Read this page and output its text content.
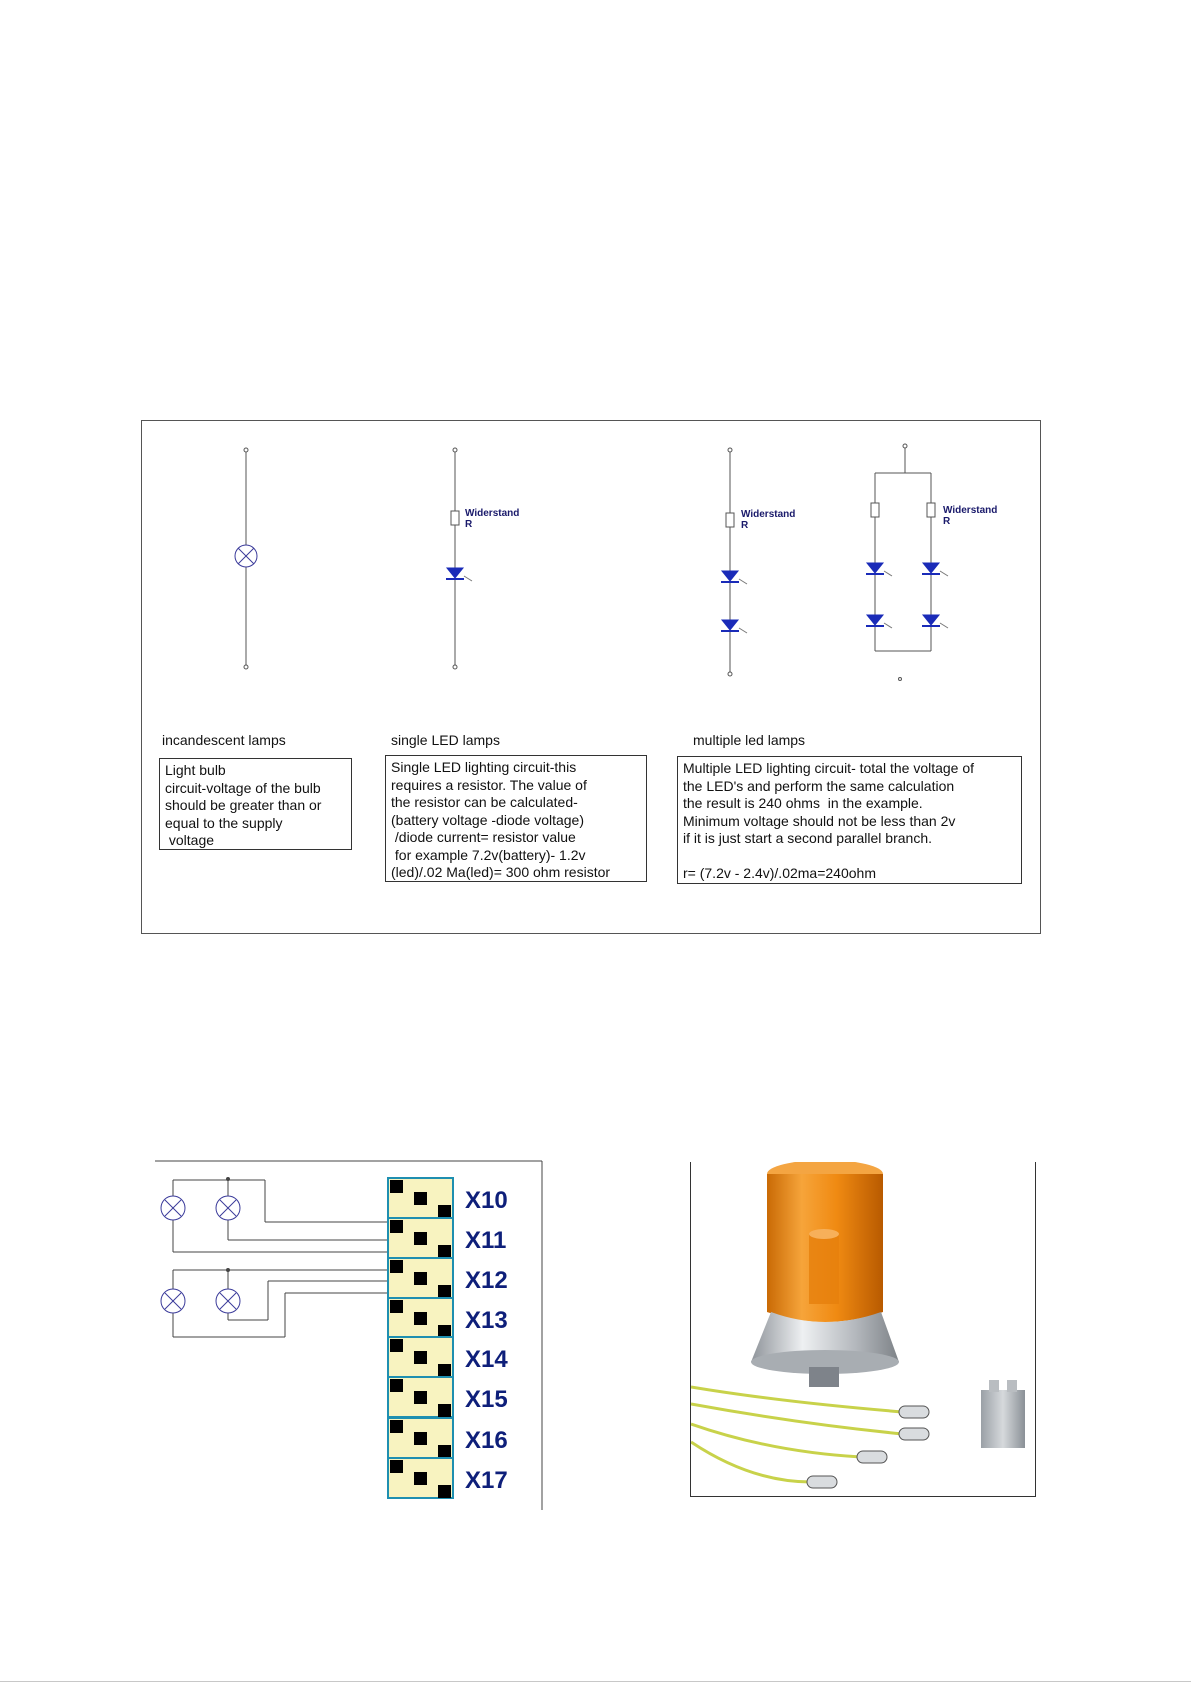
Widerstand
R
Widerstand
R
Widerstand
R
incandescent lamps	single LED lamps	multiple led lamps
Light bulb
circuit-voltage of the bulb
should be greater than or
equal to the supply
voltage
Single LED lighting circuit-this
requires a resistor. The value of
the resistor can be calculated-
(battery voltage -diode voltage)
/diode current= resistor value
for example 7.2v(battery)- 1.2v
(led)/.02 Ma(led)= 300 ohm resistor
Multiple LED lighting circuit- total the voltage of
the LED's and perform the same calculation
the result is 240 ohms  in the example.
Minimum voltage should not be less than 2v
if it is just start a second parallel branch.

r= (7.2v - 2.4v)/.02ma=240ohm
X10
X11
X12
X13
X14
X15
X16
X17
